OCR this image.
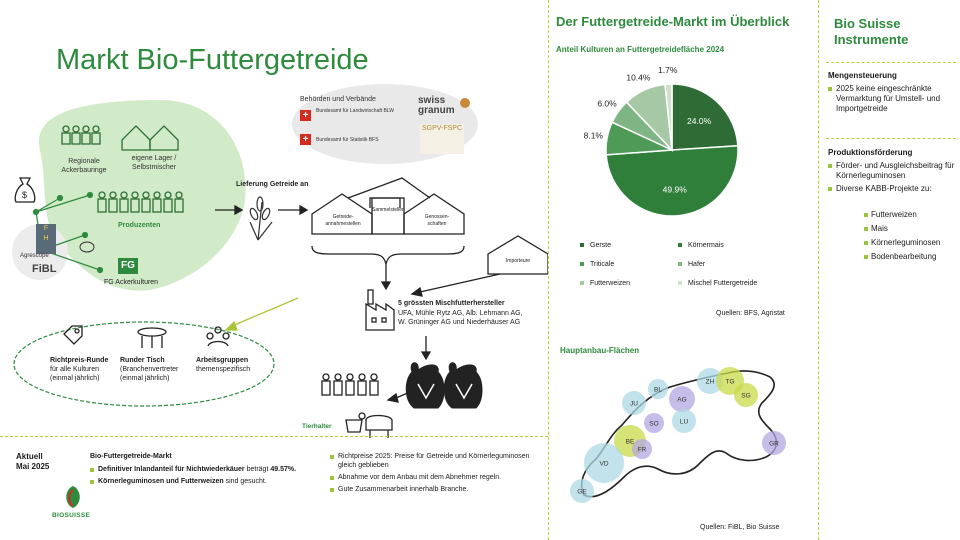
Markt Bio-Futtergetreide
$
Behörden und Verbände
+	Bundesamt für Landwirtschaft BLW
+	Bundesamt für Statistik BFS
swiss granum
SGPV-FSPC
Regionale Ackerbauringe
eigene Lager / Selbstmischer
Produzenten
F
H
Agrescope
FiBL	FG
FG Ackerkulturen
Lieferung Getreide an
Getreide-annahmestellen
Sammelstellen
Genossen-schaften
Importeure
5 grössten Mischfutterhersteller
UFA, Mühle Rytz AG, Alb. Lehmann AG, W. Grüninger AG und Niederhäuser AG
Tierhalter
Richtpreis-Runde
für alle Kulturen (einmal jährlich)
Runder Tisch
(Branchenvertreter (einmal jährlich)
Arbeitsgruppen
themenspezifisch
Aktuell
Mai 2025
Bio-Futtergetreide-Markt
Definitiver Inlandanteil für Nichtwiederkäuer beträgt 49.57%.
Körnerleguminosen und Futterweizen sind gesucht.
Richtpreise 2025: Preise für Getreide und Körnerleguminosen gleich geblieben
Abnahme vor dem Anbau mit dem Abnehmer regeln.
Gute Zusammenarbeit innerhalb Branche.
BIOSUISSE
Der Futtergetreide-Markt im Überblick
Anteil Kulturen an Futtergetreidefläche 2024
24.0%
49.9%
8.1%
6.0%
10.4%
1.7%
Gerste	Körnermais
Triticale	Hafer
Futterweizen	Mischel Futtergetreide
Quellen: BFS, Agristat
Hauptanbau-Flächen
JU
BL
AG
ZH TG
SG
SO	LU
BE
FR
VD
GE
GR
Quellen: FiBL, Bio Suisse
Bio Suisse Instrumente
Mengensteuerung
2025 keine eingeschränkte Vermarktung für Umstell- und Importgetreide
Produktionsförderung
Förder- und Ausgleichsbeitrag für Körnerleguminosen
Diverse KABB-Projekte zu:
Futterweizen
Mais
Körnerleguminosen
Bodenbearbeitung
